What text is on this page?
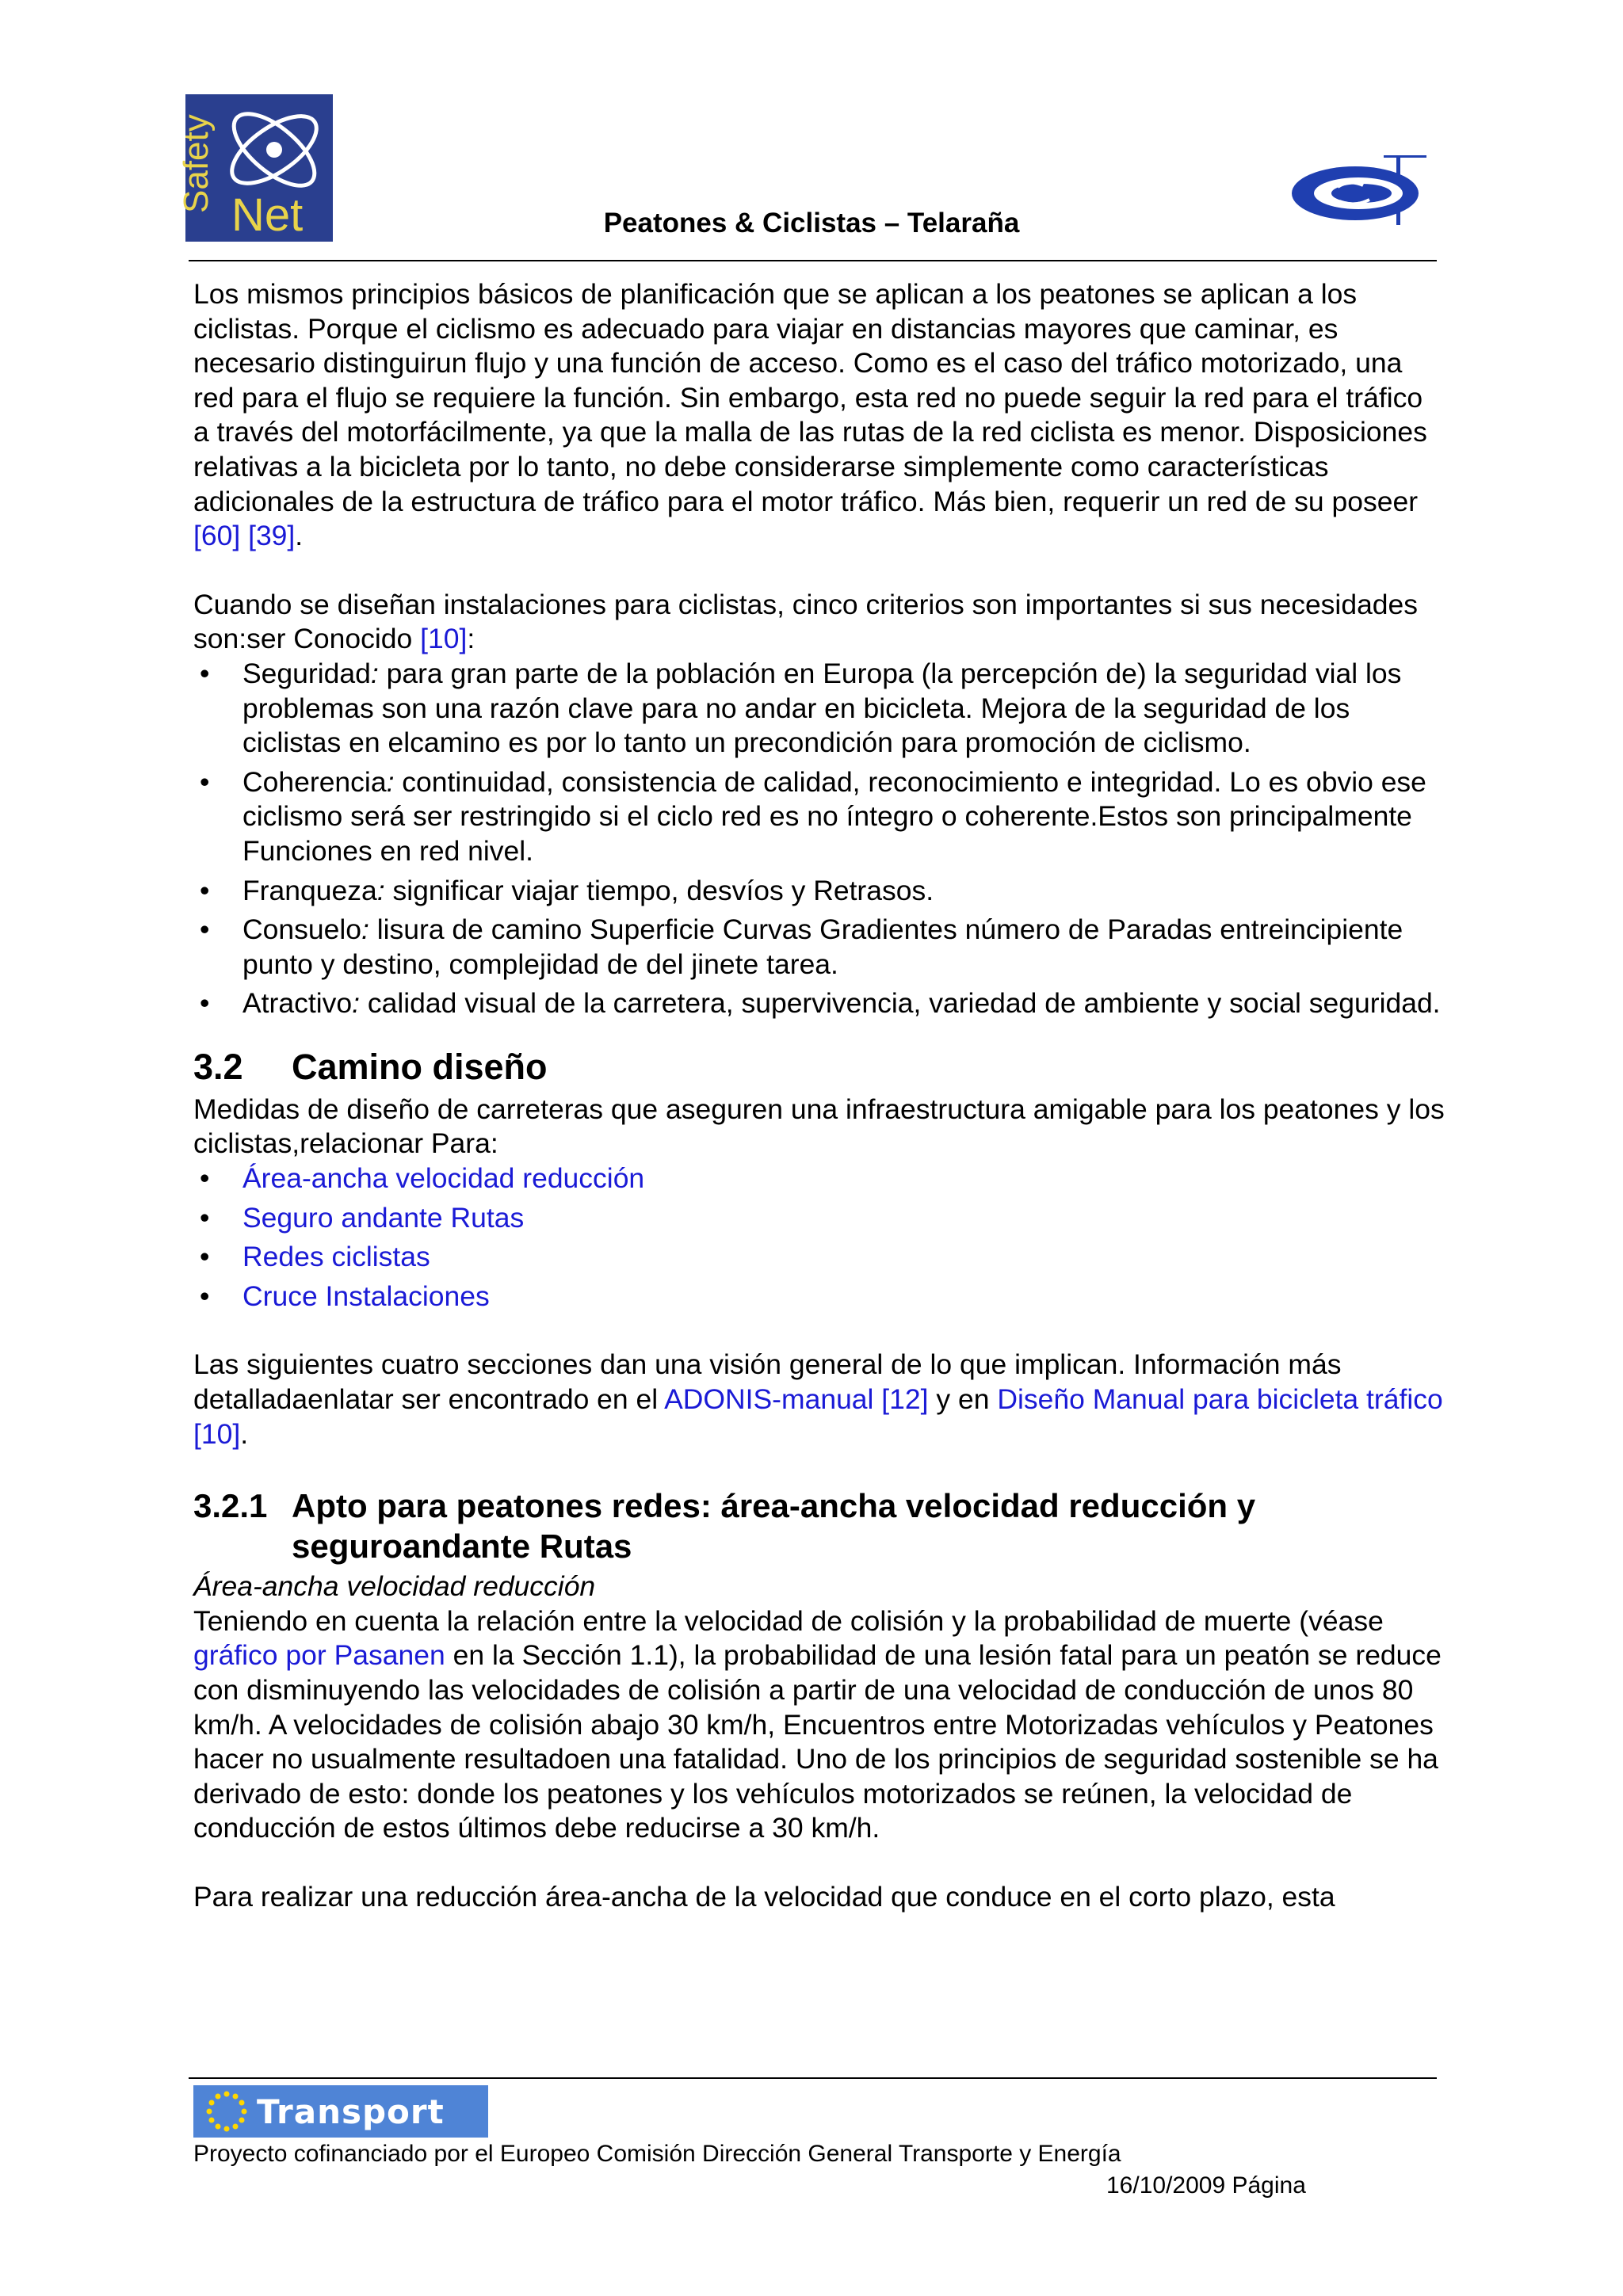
Safety
Net	Peatones & Ciclistas – Telaraña

Los mismos principios básicos de planificación que se aplican a los peatones se aplican a los ciclistas. Porque el ciclismo es adecuado para viajar en distancias mayores que caminar, es necesario distinguirun flujo y una función de acceso. Como es el caso del tráfico motorizado, una red para el flujo se requiere la función. Sin embargo, esta red no puede seguir la red para el tráfico a través del motorfácilmente, ya que la malla de las rutas de la red ciclista es menor. Disposiciones relativas a la bicicleta por lo tanto, no debe considerarse simplemente como características adicionales de la estructura de tráfico para el motor tráfico. Más bien, requerir un red de su poseer [60] [39].

Cuando se diseñan instalaciones para ciclistas, cinco criterios son importantes si sus necesidades son:ser Conocido [10]:

• Seguridad: para gran parte de la población en Europa (la percepción de) la seguridad vial los problemas son una razón clave para no andar en bicicleta. Mejora de la seguridad de los ciclistas en elcamino es por lo tanto un precondición para promoción de ciclismo.
• Coherencia: continuidad, consistencia de calidad, reconocimiento e integridad. Lo es obvio ese ciclismo será ser restringido si el ciclo red es no íntegro o coherente.Estos son principalmente Funciones en red nivel.
• Franqueza: significar viajar tiempo, desvíos y Retrasos.
• Consuelo: lisura de camino Superficie Curvas Gradientes número de Paradas entreincipiente punto y destino, complejidad de del jinete tarea.
• Atractivo: calidad visual de la carretera, supervivencia, variedad de ambiente y social seguridad.
3.2	Camino diseño

Medidas de diseño de carreteras que aseguren una infraestructura amigable para los peatones y los ciclistas,relacionar Para:

• Área-ancha velocidad reducción
• Seguro andante Rutas
• Redes ciclistas
• Cruce Instalaciones

Las siguientes cuatro secciones dan una visión general de lo que implican. Información más detalladaenlatar ser encontrado en el ADONIS-manual [12] y en Diseño Manual para bicicleta tráfico [10].

3.2.1 Apto para peatones redes: área-ancha velocidad reducción y seguroandante Rutas

Área-ancha velocidad reducción

Teniendo en cuenta la relación entre la velocidad de colisión y la probabilidad de muerte (véase gráfico por Pasanen en la Sección 1.1), la probabilidad de una lesión fatal para un peatón se reduce con disminuyendo las velocidades de colisión a partir de una velocidad de conducción de unos 80 km/h. A velocidades de colisión abajo 30 km/h, Encuentros entre Motorizadas vehículos y Peatones hacer no usualmente resultadoen una fatalidad. Uno de los principios de seguridad sostenible se ha derivado de esto: donde los peatones y los vehículos motorizados se reúnen, la velocidad de conducción de estos últimos debe reducirse a 30 km/h.

Para realizar una reducción área-ancha de la velocidad que conduce en el corto plazo, esta

Transport
Proyecto cofinanciado por el Europeo Comisión Dirección General Transporte y Energía
16/10/2009 Página
